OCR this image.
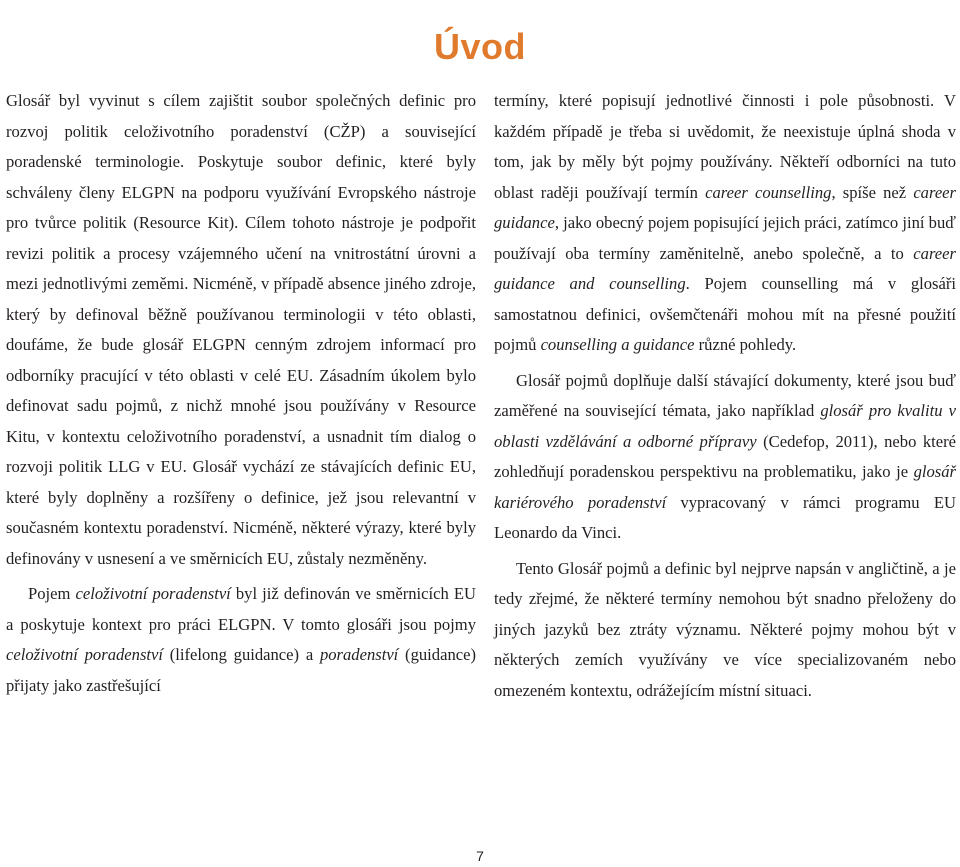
Úvod

Glosář byl vyvinut s cílem zajištit soubor společných definic pro rozvoj politik celoživotního poradenství (CŽP) a související poradenské terminologie. Poskytuje soubor definic, které byly schváleny členy ELGPN na podporu využívání Evropského nástroje pro tvůrce politik (Resource Kit). Cílem tohoto nástroje je podpořit revizi politik a procesy vzájemného učení na vnitrostátní úrovni a mezi jednotlivými zeměmi. Nicméně, v případě absence jiného zdroje, který by definoval běžně používanou terminologii v této oblasti, doufáme, že bude glosář ELGPN cenným zdrojem informací pro odborníky pracující v této oblasti v celé EU. Zásadním úkolem bylo definovat sadu pojmů, z nichž mnohé jsou používány v Resource Kitu, v kontextu celoživotního poradenství, a usnadnit tím dialog o rozvoji politik LLG v EU. Glosář vychází ze stávajících definic EU, které byly doplněny a rozšířeny o definice, jež jsou relevantní v současném kontextu poradenství. Nicméně, některé výrazy, které byly definovány v usnesení a ve směrnicích EU, zůstaly nezměněny.

Pojem celoživotní poradenství byl již definován ve směrnicích EU a poskytuje kontext pro práci ELGPN. V tomto glosáři jsou pojmy celoživotní poradenství (lifelong guidance) a poradenství (guidance) přijaty jako zastřešující

termíny, které popisují jednotlivé činnosti i pole působnosti. V každém případě je třeba si uvědomit, že neexistuje úplná shoda v tom, jak by měly být pojmy používány. Někteří odborníci na tuto oblast raději používají termín career counselling, spíše než career guidance, jako obecný pojem popisující jejich práci, zatímco jiní buď používají oba termíny zaměnitelně, anebo společně, a to career guidance and counselling. Pojem counselling má v glosáři samostatnou definici, ovšemčtenáři mohou mít na přesné použití pojmů counselling a guidance různé pohledy.

Glosář pojmů doplňuje další stávající dokumenty, které jsou buď zaměřené na související témata, jako například glosář pro kvalitu v oblasti vzdělávání a odborné přípravy (Cedefop, 2011), nebo které zohledňují poradenskou perspektivu na problematiku, jako je glosář kariérového poradenství vypracovaný v rámci programu EU Leonardo da Vinci.

Tento Glosář pojmů a definic byl nejprve napsán v angličtině, a je tedy zřejmé, že některé termíny nemohou být snadno přeloženy do jiných jazyků bez ztráty významu. Některé pojmy mohou být v některých zemích využívány ve více specializovaném nebo omezeném kontextu, odrážejícím místní situaci.

7
